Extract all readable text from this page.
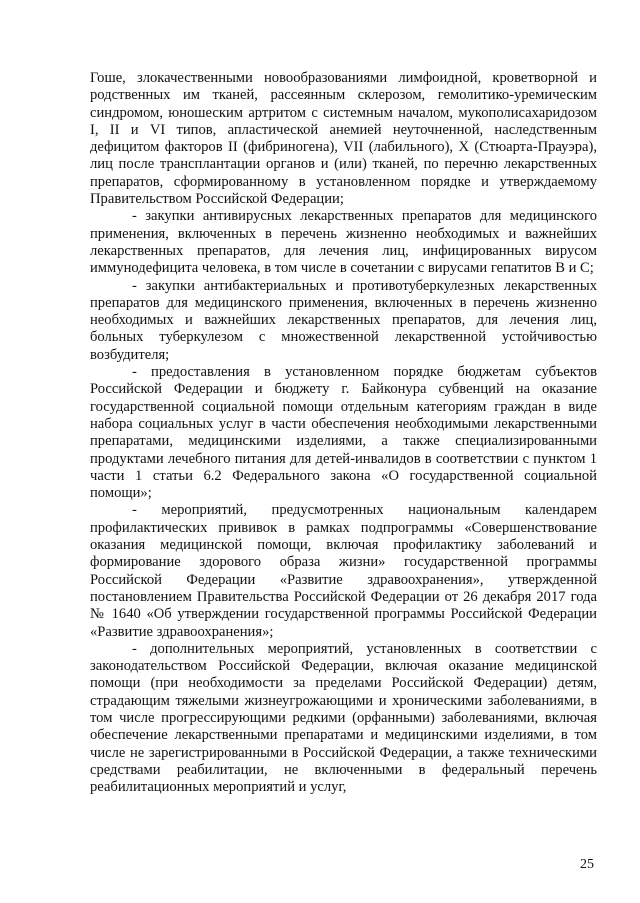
Гоше, злокачественными новообразованиями лимфоидной, кроветворной и родственных им тканей, рассеянным склерозом, гемолитико-уремическим синдромом, юношеским артритом с системным началом, мукополисахаридозом I, II и VI типов, апластической анемией неуточненной, наследственным дефицитом факторов II (фибриногена), VII (лабильного), X (Стюарта-Прауэра), лиц после трансплантации органов и (или) тканей, по перечню лекарственных препаратов, сформированному в установленном порядке и утверждаемому Правительством Российской Федерации;

- закупки антивирусных лекарственных препаратов для медицинского применения, включенных в перечень жизненно необходимых и важнейших лекарственных препаратов, для лечения лиц, инфицированных вирусом иммунодефицита человека, в том числе в сочетании с вирусами гепатитов B и C;

- закупки антибактериальных и противотуберкулезных лекарственных препаратов для медицинского применения, включенных в перечень жизненно необходимых и важнейших лекарственных препаратов, для лечения лиц, больных туберкулезом с множественной лекарственной устойчивостью возбудителя;

- предоставления в установленном порядке бюджетам субъектов Российской Федерации и бюджету г. Байконура субвенций на оказание государственной социальной помощи отдельным категориям граждан в виде набора социальных услуг в части обеспечения необходимыми лекарственными препаратами, медицинскими изделиями, а также специализированными продуктами лечебного питания для детей-инвалидов в соответствии с пунктом 1 части 1 статьи 6.2 Федерального закона «О государственной социальной помощи»;

- мероприятий, предусмотренных национальным календарем профилактических прививок в рамках подпрограммы «Совершенствование оказания медицинской помощи, включая профилактику заболеваний и формирование здорового образа жизни» государственной программы Российской Федерации «Развитие здравоохранения», утвержденной постановлением Правительства Российской Федерации от 26 декабря 2017 года № 1640 «Об утверждении государственной программы Российской Федерации «Развитие здравоохранения»;

- дополнительных мероприятий, установленных в соответствии с законодательством Российской Федерации, включая оказание медицинской помощи (при необходимости за пределами Российской Федерации) детям, страдающим тяжелыми жизнеугрожающими и хроническими заболеваниями, в том числе прогрессирующими редкими (орфанными) заболеваниями, включая обеспечение лекарственными препаратами и медицинскими изделиями, в том числе не зарегистрированными в Российской Федерации, а также техническими средствами реабилитации, не включенными в федеральный перечень реабилитационных мероприятий и услуг,

25
